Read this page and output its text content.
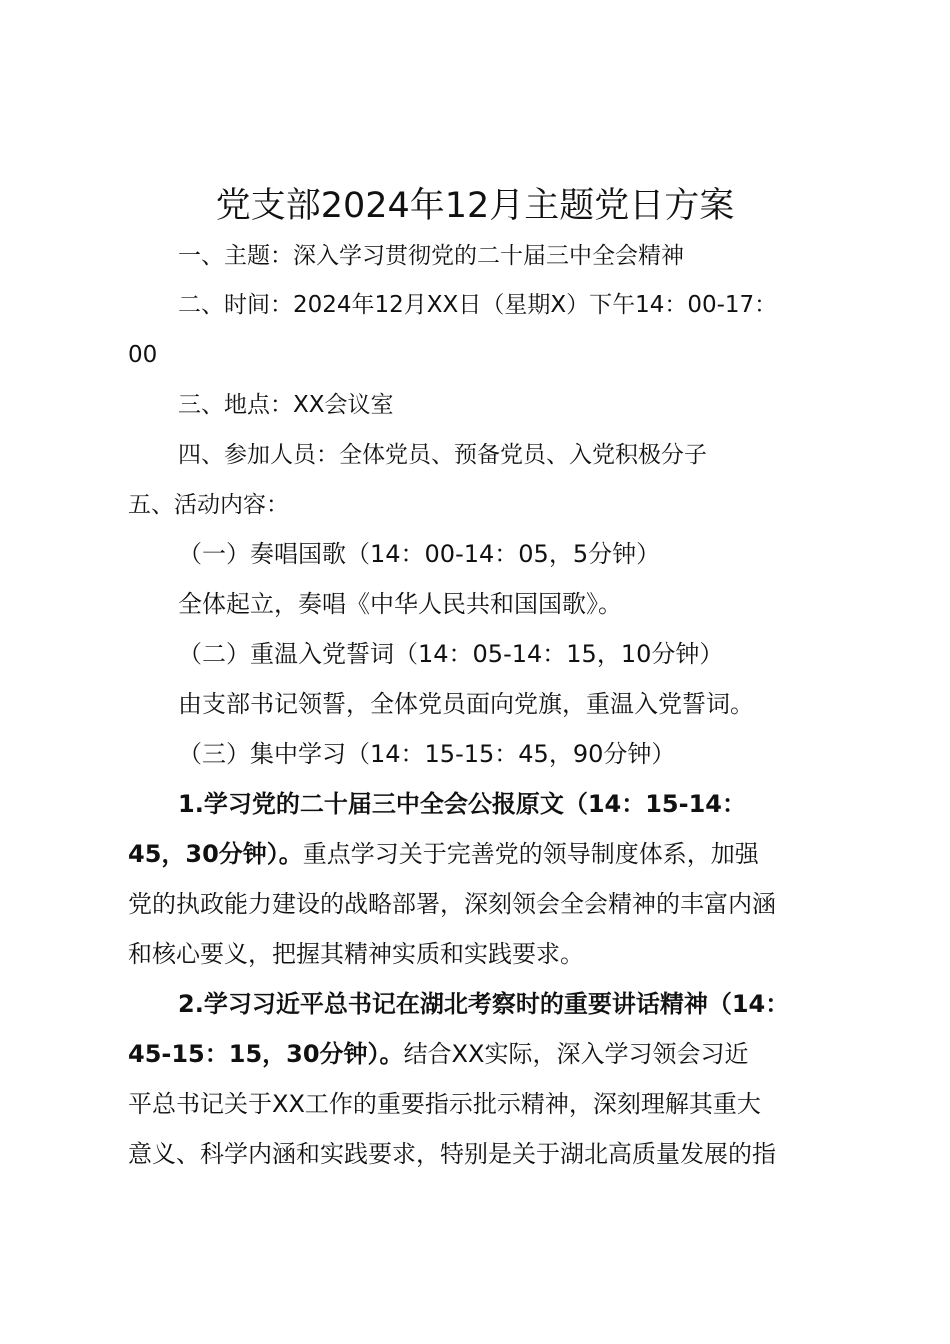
党支部2024年12月主题党日方案

一、主题：深入学习贯彻党的二十届三中全会精神

二、时间：2024年12月XX日（星期X）下午14：00-17：

00

三、地点：XX会议室

四、参加人员：全体党员、预备党员、入党积极分子

五、活动内容：

（一）奏唱国歌（14：00-14：05，5分钟）

全体起立，奏唱《中华人民共和国国歌》。

（二）重温入党誓词（14：05-14：15，10分钟）

由支部书记领誓，全体党员面向党旗，重温入党誓词。

（三）集中学习（14：15-15：45，90分钟）

1.学习党的二十届三中全会公报原文（14：15-14：

45，30分钟）。重点学习关于完善党的领导制度体系，加强

党的执政能力建设的战略部署，深刻领会全会精神的丰富内涵

和核心要义，把握其精神实质和实践要求。

2.学习习近平总书记在湖北考察时的重要讲话精神（14：

45-15：15，30分钟）。结合XX实际，深入学习领会习近

平总书记关于XX工作的重要指示批示精神，深刻理解其重大

意义、科学内涵和实践要求，特别是关于湖北高质量发展的指
